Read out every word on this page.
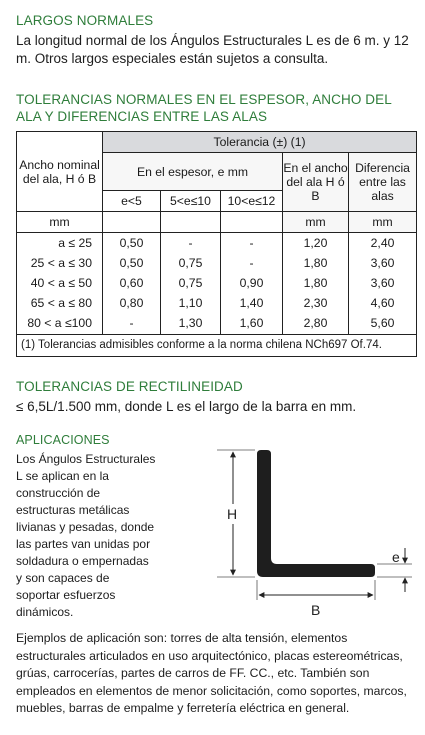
LARGOS NORMALES
La longitud normal de los Ángulos Estructurales L es de 6 m. y 12 m. Otros largos especiales están sujetos a consulta.
TOLERANCIAS NORMALES EN EL ESPESOR, ANCHO DEL ALA Y DIFERENCIAS ENTRE LAS ALAS
Ancho nominal del ala, H ó B	Tolerancia (±) (1)				

	En el espesor, e mm			En el ancho del ala H ó B	Diferencia entre las alas

	e<5	5<e≤10	10<e≤12		
mm				mm	mm
a ≤ 25	0,50	-	-	1,20	2,40
25 < a ≤ 30	0,50	0,75	-	1,80	3,60
40 < a ≤ 50	0,60	0,75	0,90	1,80	3,60
65 < a ≤ 80	0,80	1,10	1,40	2,30	4,60
80 < a ≤100	-	1,30	1,60	2,80	5,60
(1) Tolerancias admisibles conforme a la norma chilena NCh697 Of.74.					
TOLERANCIAS DE RECTILINEIDAD
≤ 6,5L/1.500 mm, donde L es el largo de la barra en mm.
APLICACIONES
Los Ángulos Estructurales L se aplican en la construcción de estructuras metálicas livianas y pesadas, donde las partes van unidas por soldadura o empernadas y son capaces de soportar esfuerzos dinámicos.
H
B
e
Ejemplos de aplicación son: torres de alta tensión, elementos estructurales articulados en uso arquitectónico, placas estereométricas, grúas, carrocerías, partes de carros de FF. CC., etc. También son empleados en elementos de menor solicitación, como soportes, marcos, muebles, barras de empalme y ferretería eléctrica en general.
